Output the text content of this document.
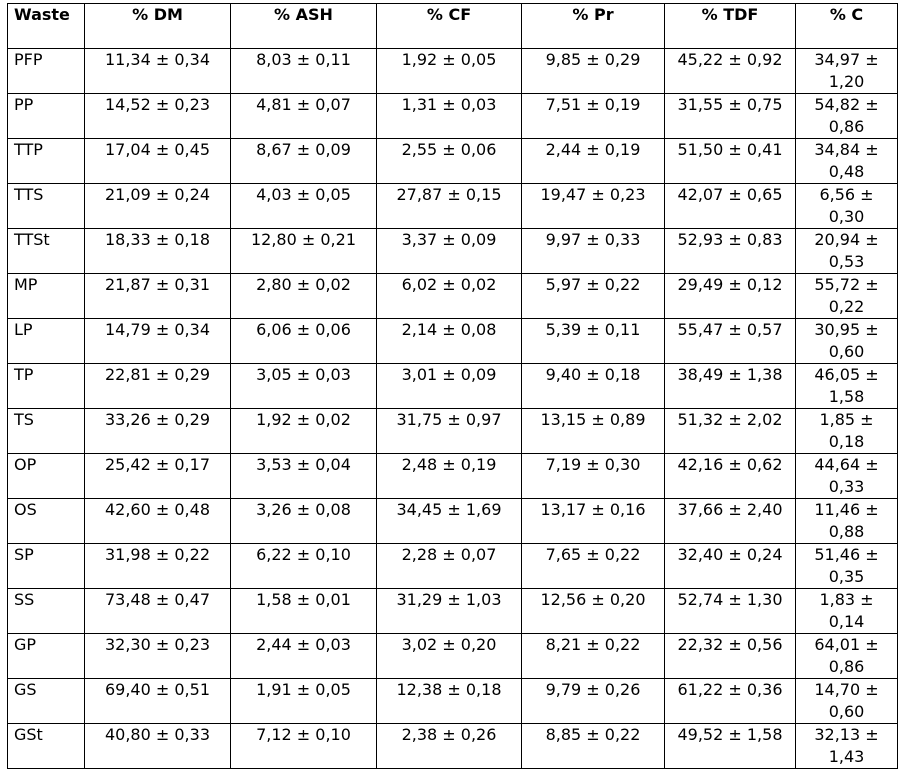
Waste	% DM	% ASH	% CF	% Pr	% TDF	% C
PFP	11,34 ± 0,34	8,03 ± 0,11	1,92 ± 0,05	9,85 ± 0,29	45,22 ± 0,92	34,97 ± 1,20
PP	14,52 ± 0,23	4,81 ± 0,07	1,31 ± 0,03	7,51 ± 0,19	31,55 ± 0,75	54,82 ± 0,86
TTP	17,04 ± 0,45	8,67 ± 0,09	2,55 ± 0,06	2,44 ± 0,19	51,50 ± 0,41	34,84 ± 0,48
TTS	21,09 ± 0,24	4,03 ± 0,05	27,87 ± 0,15	19,47 ± 0,23	42,07 ± 0,65	6,56 ± 0,30
TTSt	18,33 ± 0,18	12,80 ± 0,21	3,37 ± 0,09	9,97 ± 0,33	52,93 ± 0,83	20,94 ± 0,53
MP	21,87 ± 0,31	2,80 ± 0,02	6,02 ± 0,02	5,97 ± 0,22	29,49 ± 0,12	55,72 ± 0,22
LP	14,79 ± 0,34	6,06 ± 0,06	2,14 ± 0,08	5,39 ± 0,11	55,47 ± 0,57	30,95 ± 0,60
TP	22,81 ± 0,29	3,05 ± 0,03	3,01 ± 0,09	9,40 ± 0,18	38,49 ± 1,38	46,05 ± 1,58
TS	33,26 ± 0,29	1,92 ± 0,02	31,75 ± 0,97	13,15 ± 0,89	51,32 ± 2,02	1,85 ± 0,18
OP	25,42 ± 0,17	3,53 ± 0,04	2,48 ± 0,19	7,19 ± 0,30	42,16 ± 0,62	44,64 ± 0,33
OS	42,60 ± 0,48	3,26 ± 0,08	34,45 ± 1,69	13,17 ± 0,16	37,66 ± 2,40	11,46 ± 0,88
SP	31,98 ± 0,22	6,22 ± 0,10	2,28 ± 0,07	7,65 ± 0,22	32,40 ± 0,24	51,46 ± 0,35
SS	73,48 ± 0,47	1,58 ± 0,01	31,29 ± 1,03	12,56 ± 0,20	52,74 ± 1,30	1,83 ± 0,14
GP	32,30 ± 0,23	2,44 ± 0,03	3,02 ± 0,20	8,21 ± 0,22	22,32 ± 0,56	64,01 ± 0,86
GS	69,40 ± 0,51	1,91 ± 0,05	12,38 ± 0,18	9,79 ± 0,26	61,22 ± 0,36	14,70 ± 0,60
GSt	40,80 ± 0,33	7,12 ± 0,10	2,38 ± 0,26	8,85 ± 0,22	49,52 ± 1,58	32,13 ± 1,43
